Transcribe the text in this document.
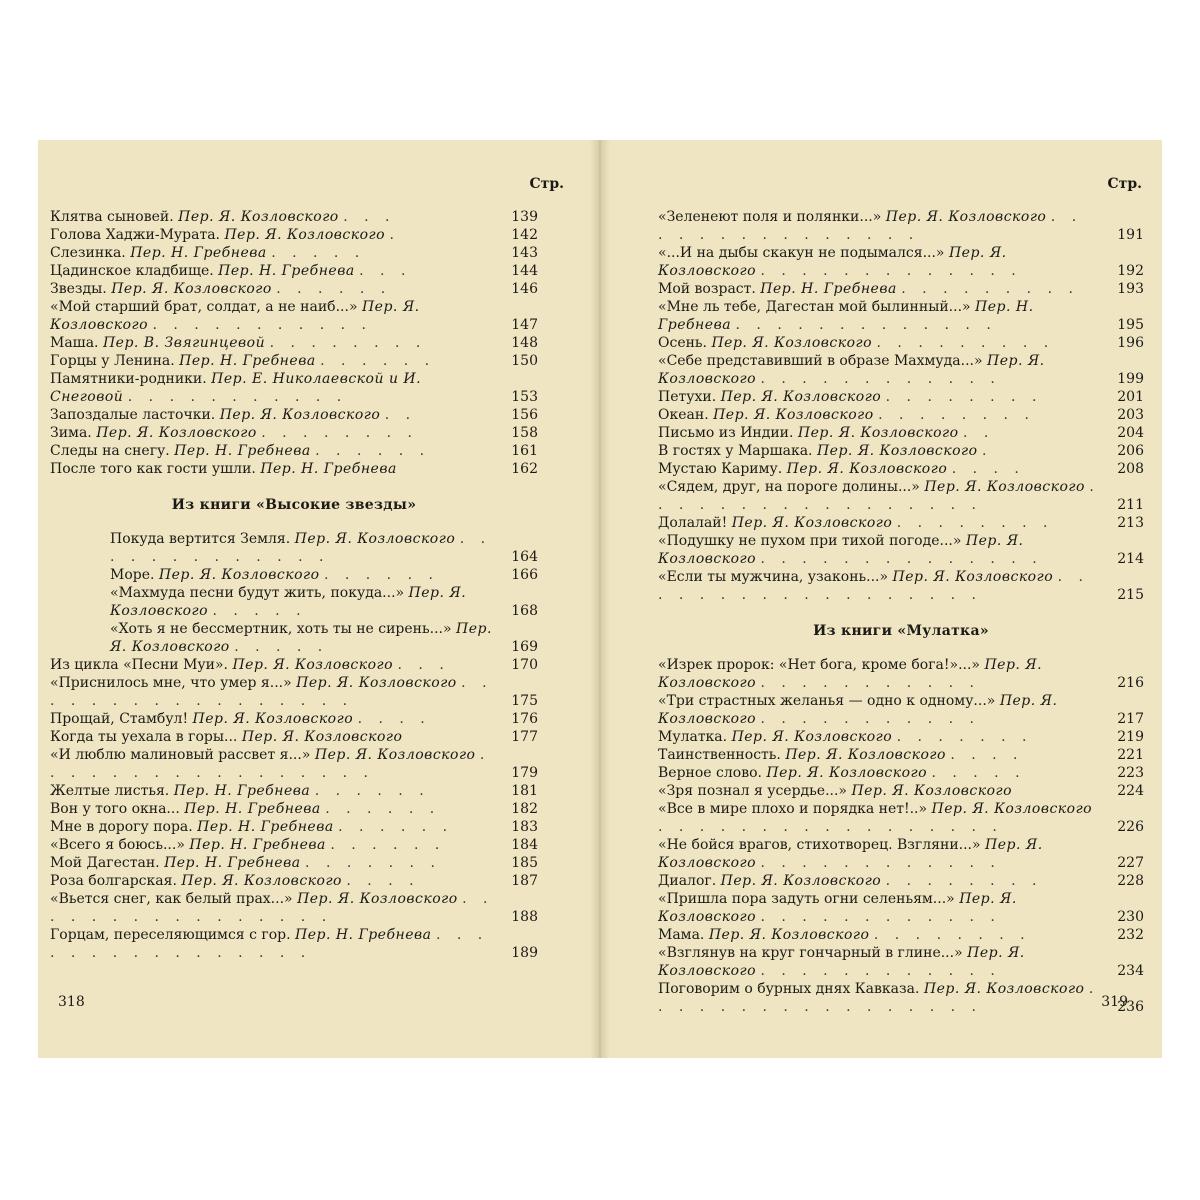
Стр.
Клятва сыновей. Пер. Я. Козловского . . .	139
Голова Хаджи-Мурата. Пер. Я. Козловского .	142
Слезинка. Пер. Н. Гребнева . . . . .	143
Цадинское кладбище. Пер. Н. Гребнева . . .	144
Звезды. Пер. Я. Козловского . . . . . .	146
«Мой старший брат, солдат, а не наиб...» Пер. Я. Козловского . . . . . . . . . . .	147
Маша. Пер. В. Звягинцевой . . . . . . . .	148
Горцы у Ленина. Пер. Н. Гребнева . . . . . .	150
Памятники-родники. Пер. Е. Николаевской и И. Снеговой . . . . . . . . . . .	153
Запоздалые ласточки. Пер. Я. Козловского . .	156
Зима. Пер. Я. Козловского . . . . . . . .	158
Следы на снегу. Пер. Н. Гребнева . . . . . .	161
После того как гости ушли. Пер. Н. Гребнева	162
Из книги «Высокие звезды»
Покуда вертится Земля. Пер. Я. Козловского . . . . . . . . . . . . .	164
Море. Пер. Я. Козловского . . . . . .	166
«Махмуда песни будут жить, покуда...» Пер. Я. Козловского . . . . .	168
«Хоть я не бессмертник, хоть ты не сирень...» Пер. Я. Козловского . . . . .	169
Из цикла «Песни Муи». Пер. Я. Козловского . . .	170
«Приснилось мне, что умер я...» Пер. Я. Козловского . . . . . . . . . . . . . . . . .	175
Прощай, Стамбул! Пер. Я. Козловского . . . .	176
Когда ты уехала в горы... Пер. Я. Козловского	177
«И люблю малиновый рассвет я...» Пер. Я. Козловского . . . . . . . . . . . . . . . . .	179
Желтые листья. Пер. Н. Гребнева . . . . . .	181
Вон у того окна... Пер. Н. Гребнева . . . . . .	182
Мне в дорогу пора. Пер. Н. Гребнева . . . . . .	183
«Всего я боюсь...» Пер. Н. Гребнева . . . . . .	184
Мой Дагестан. Пер. Н. Гребнева . . . . . . .	185
Роза болгарская. Пер. Я. Козловского . . . .	187
«Вьется снег, как белый прах...» Пер. Я. Козловского . . . . . . . . . . . . . . . .	188
Горцам, переселяющимся с гор. Пер. Н. Гребнева . . . . . . . . . . . . . . . .	189
318
Стр.
«Зеленеют поля и полянки...» Пер. Я. Козловского . . . . . . . . . . . . . . .	191
«...И на дыбы скакун не подымался...» Пер. Я. Козловского . . . . . . . . . . . . .	192
Мой возраст. Пер. Н. Гребнева . . . . . . . . .	193
«Мне ль тебе, Дагестан мой былинный...» Пер. Н. Гребнева . . . . . . . . . . . . .	195
Осень. Пер. Я. Козловского . . . . . . . . .	196
«Себе представивший в образе Махмуда...» Пер. Я. Козловского . . . . . . . . . . . .	199
Петухи. Пер. Я. Козловского . . . . . . . .	201
Океан. Пер. Я. Козловского . . . . . . . .	203
Письмо из Индии. Пер. Я. Козловского . .	204
В гостях у Маршака. Пер. Я. Козловского .	206
Мустаю Кариму. Пер. Я. Козловского . . . .	208
«Сядем, друг, на пороге долины...» Пер. Я. Козловского . . . . . . . . . . . . . . . . .	211
Долалай! Пер. Я. Козловского . . . . . . . .	213
«Подушку не пухом при тихой погоде...» Пер. Я. Козловского . . . . . . . . . . . . . .	214
«Если ты мужчина, узаконь...» Пер. Я. Козловского . . . . . . . . . . . . . . . . . .	215
Из книги «Мулатка»
«Изрек пророк: «Нет бога, кроме бога!»...» Пер. Я. Козловского . . . . . . . . . . .	216
«Три страстных желанья — одно к одному...» Пер. Я. Козловского . . . . . . . . . . .	217
Мулатка. Пер. Я. Козловского . . . . . . .	219
Таинственность. Пер. Я. Козловского . . . .	221
Верное слово. Пер. Я. Козловского . . . . .	223
«Зря познал я усердье...» Пер. Я. Козловского	224
«Все в мире плохо и порядка нет!..» Пер. Я. Козловского . . . . . . . . . . . . . . . . .	226
«Не бойся врагов, стихотворец. Взгляни...» Пер. Я. Козловского . . . . . . . . . . . .	227
Диалог. Пер. Я. Козловского . . . . . . . .	228
«Пришла пора задуть огни селеньям...» Пер. Я. Козловского . . . . . . . . . . . .	230
Мама. Пер. Я. Козловского . . . . . . . .	232
«Взглянув на круг гончарный в глине...» Пер. Я. Козловского . . . . . . . . . . . .	234
Поговорим о бурных днях Кавказа. Пер. Я. Козловского . . . . . . . . . . . . . . . . .	236
319
